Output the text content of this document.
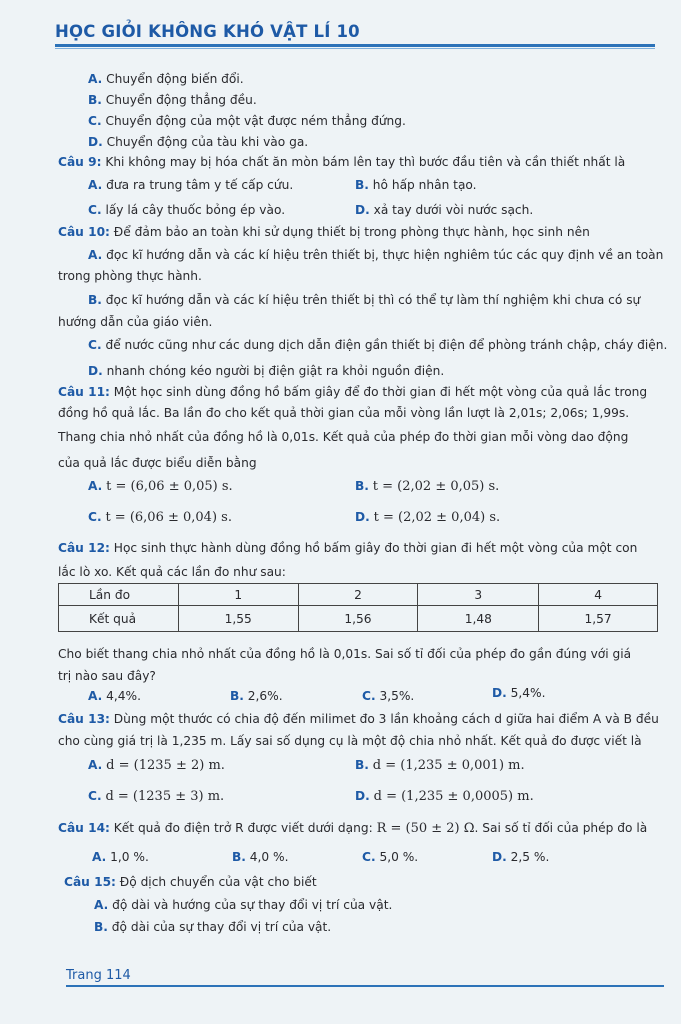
HỌC GIỎI KHÔNG KHÓ VẬT LÍ 10
A. Chuyển động biến đổi.
B. Chuyển động thẳng đều.
C. Chuyển động của một vật được ném thẳng đứng.
D. Chuyển động của tàu khi vào ga.
Câu 9: Khi không may bị hóa chất ăn mòn bám lên tay thì bước đầu tiên và cần thiết nhất là
A. đưa ra trung tâm y tế cấp cứu.	B. hô hấp nhân tạo.
C. lấy lá cây thuốc bỏng ép vào.	D. xả tay dưới vòi nước sạch.
Câu 10: Để đảm bảo an toàn khi sử dụng thiết bị trong phòng thực hành, học sinh nên
A. đọc kĩ hướng dẫn và các kí hiệu trên thiết bị, thực hiện nghiêm túc các quy định về an toàn
trong phòng thực hành.
B. đọc kĩ hướng dẫn và các kí hiệu trên thiết bị thì có thể tự làm thí nghiệm khi chưa có sự
hướng dẫn của giáo viên.
C. để nước cũng như các dung dịch dẫn điện gần thiết bị điện để phòng tránh chập, cháy điện.
D. nhanh chóng kéo người bị điện giật ra khỏi nguồn điện.
Câu 11: Một học sinh dùng đồng hồ bấm giây để đo thời gian đi hết một vòng của quả lắc trong
đồng hồ quả lắc. Ba lần đo cho kết quả thời gian của mỗi vòng lần lượt là 2,01s; 2,06s; 1,99s.
Thang chia nhỏ nhất của đồng hồ là 0,01s. Kết quả của phép đo thời gian mỗi vòng dao động
của quả lắc được biểu diễn bằng
A. t = (6,06 ± 0,05) s.	B. t = (2,02 ± 0,05) s.
C. t = (6,06 ± 0,04) s.	D. t = (2,02 ± 0,04) s.
Câu 12: Học sinh thực hành dùng đồng hồ bấm giây đo thời gian đi hết một vòng của một con
lắc lò xo. Kết quả các lần đo như sau:
Lần đo	1	2	3	4
Kết quả	1,55	1,56	1,48	1,57
Cho biết thang chia nhỏ nhất của đồng hồ là 0,01s. Sai số tỉ đối của phép đo gần đúng với giá
trị nào sau đây?
A. 4,4%.	B. 2,6%.	C. 3,5%.	D. 5,4%.
Câu 13: Dùng một thước có chia độ đến milimet đo 3 lần khoảng cách d giữa hai điểm A và B đều
cho cùng giá trị là 1,235 m. Lấy sai số dụng cụ là một độ chia nhỏ nhất. Kết quả đo được viết là
A. d = (1235 ± 2) m.	B. d = (1,235 ± 0,001) m.
C. d = (1235 ± 3) m.	D. d = (1,235 ± 0,0005) m.
Câu 14: Kết quả đo điện trở R được viết dưới dạng: R = (50 ± 2) Ω. Sai số tỉ đối của phép đo là
A. 1,0 %.	B. 4,0 %.	C. 5,0 %.	D. 2,5 %.
Câu 15: Độ dịch chuyển của vật cho biết
A. độ dài và hướng của sự thay đổi vị trí của vật.
B. độ dài của sự thay đổi vị trí của vật.
Trang 114
